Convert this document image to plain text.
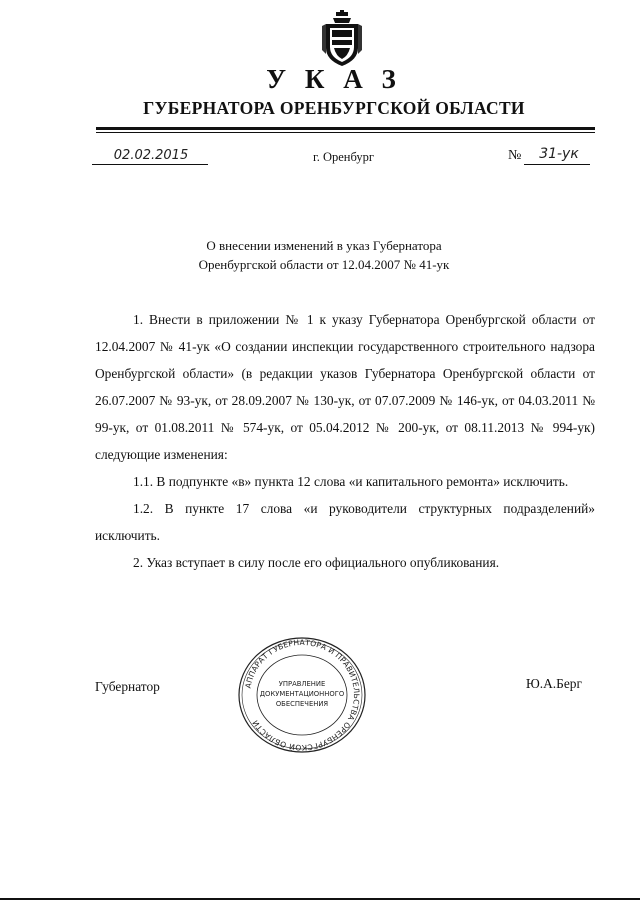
У К А З
ГУБЕРНАТОРА ОРЕНБУРГСКОЙ ОБЛАСТИ
02.02.2015	г. Оренбург	№	31-ук
О внесении изменений в указ Губернатора
Оренбургской области от 12.04.2007 № 41-ук

1. Внести в приложении № 1 к указу Губернатора Оренбургской области от 12.04.2007 № 41-ук «О создании инспекции государственного строительного надзора Оренбургской области» (в редакции указов Губернатора Оренбургской области от 26.07.2007 № 93-ук, от 28.09.2007 № 130-ук, от 07.07.2009 № 146-ук, от 04.03.2011 № 99-ук, от 01.08.2011 № 574-ук, от 05.04.2012 № 200-ук, от 08.11.2013 № 994-ук) следующие изменения:

1.1. В подпункте «в» пункта 12 слова «и капитального ремонта» исключить.

1.2. В пункте 17 слова «и руководители структурных подразделений» исключить.

2. Указ вступает в силу после его официального опубликования.

Губернатор	Ю.А.Берг
АППАРАТ ГУБЕРНАТОРА И ПРАВИТЕЛЬСТВА ОРЕНБУРГСКОЙ ОБЛАСТИ
УПРАВЛЕНИЕ
ДОКУМЕНТАЦИОННОГО
ОБЕСПЕЧЕНИЯ
